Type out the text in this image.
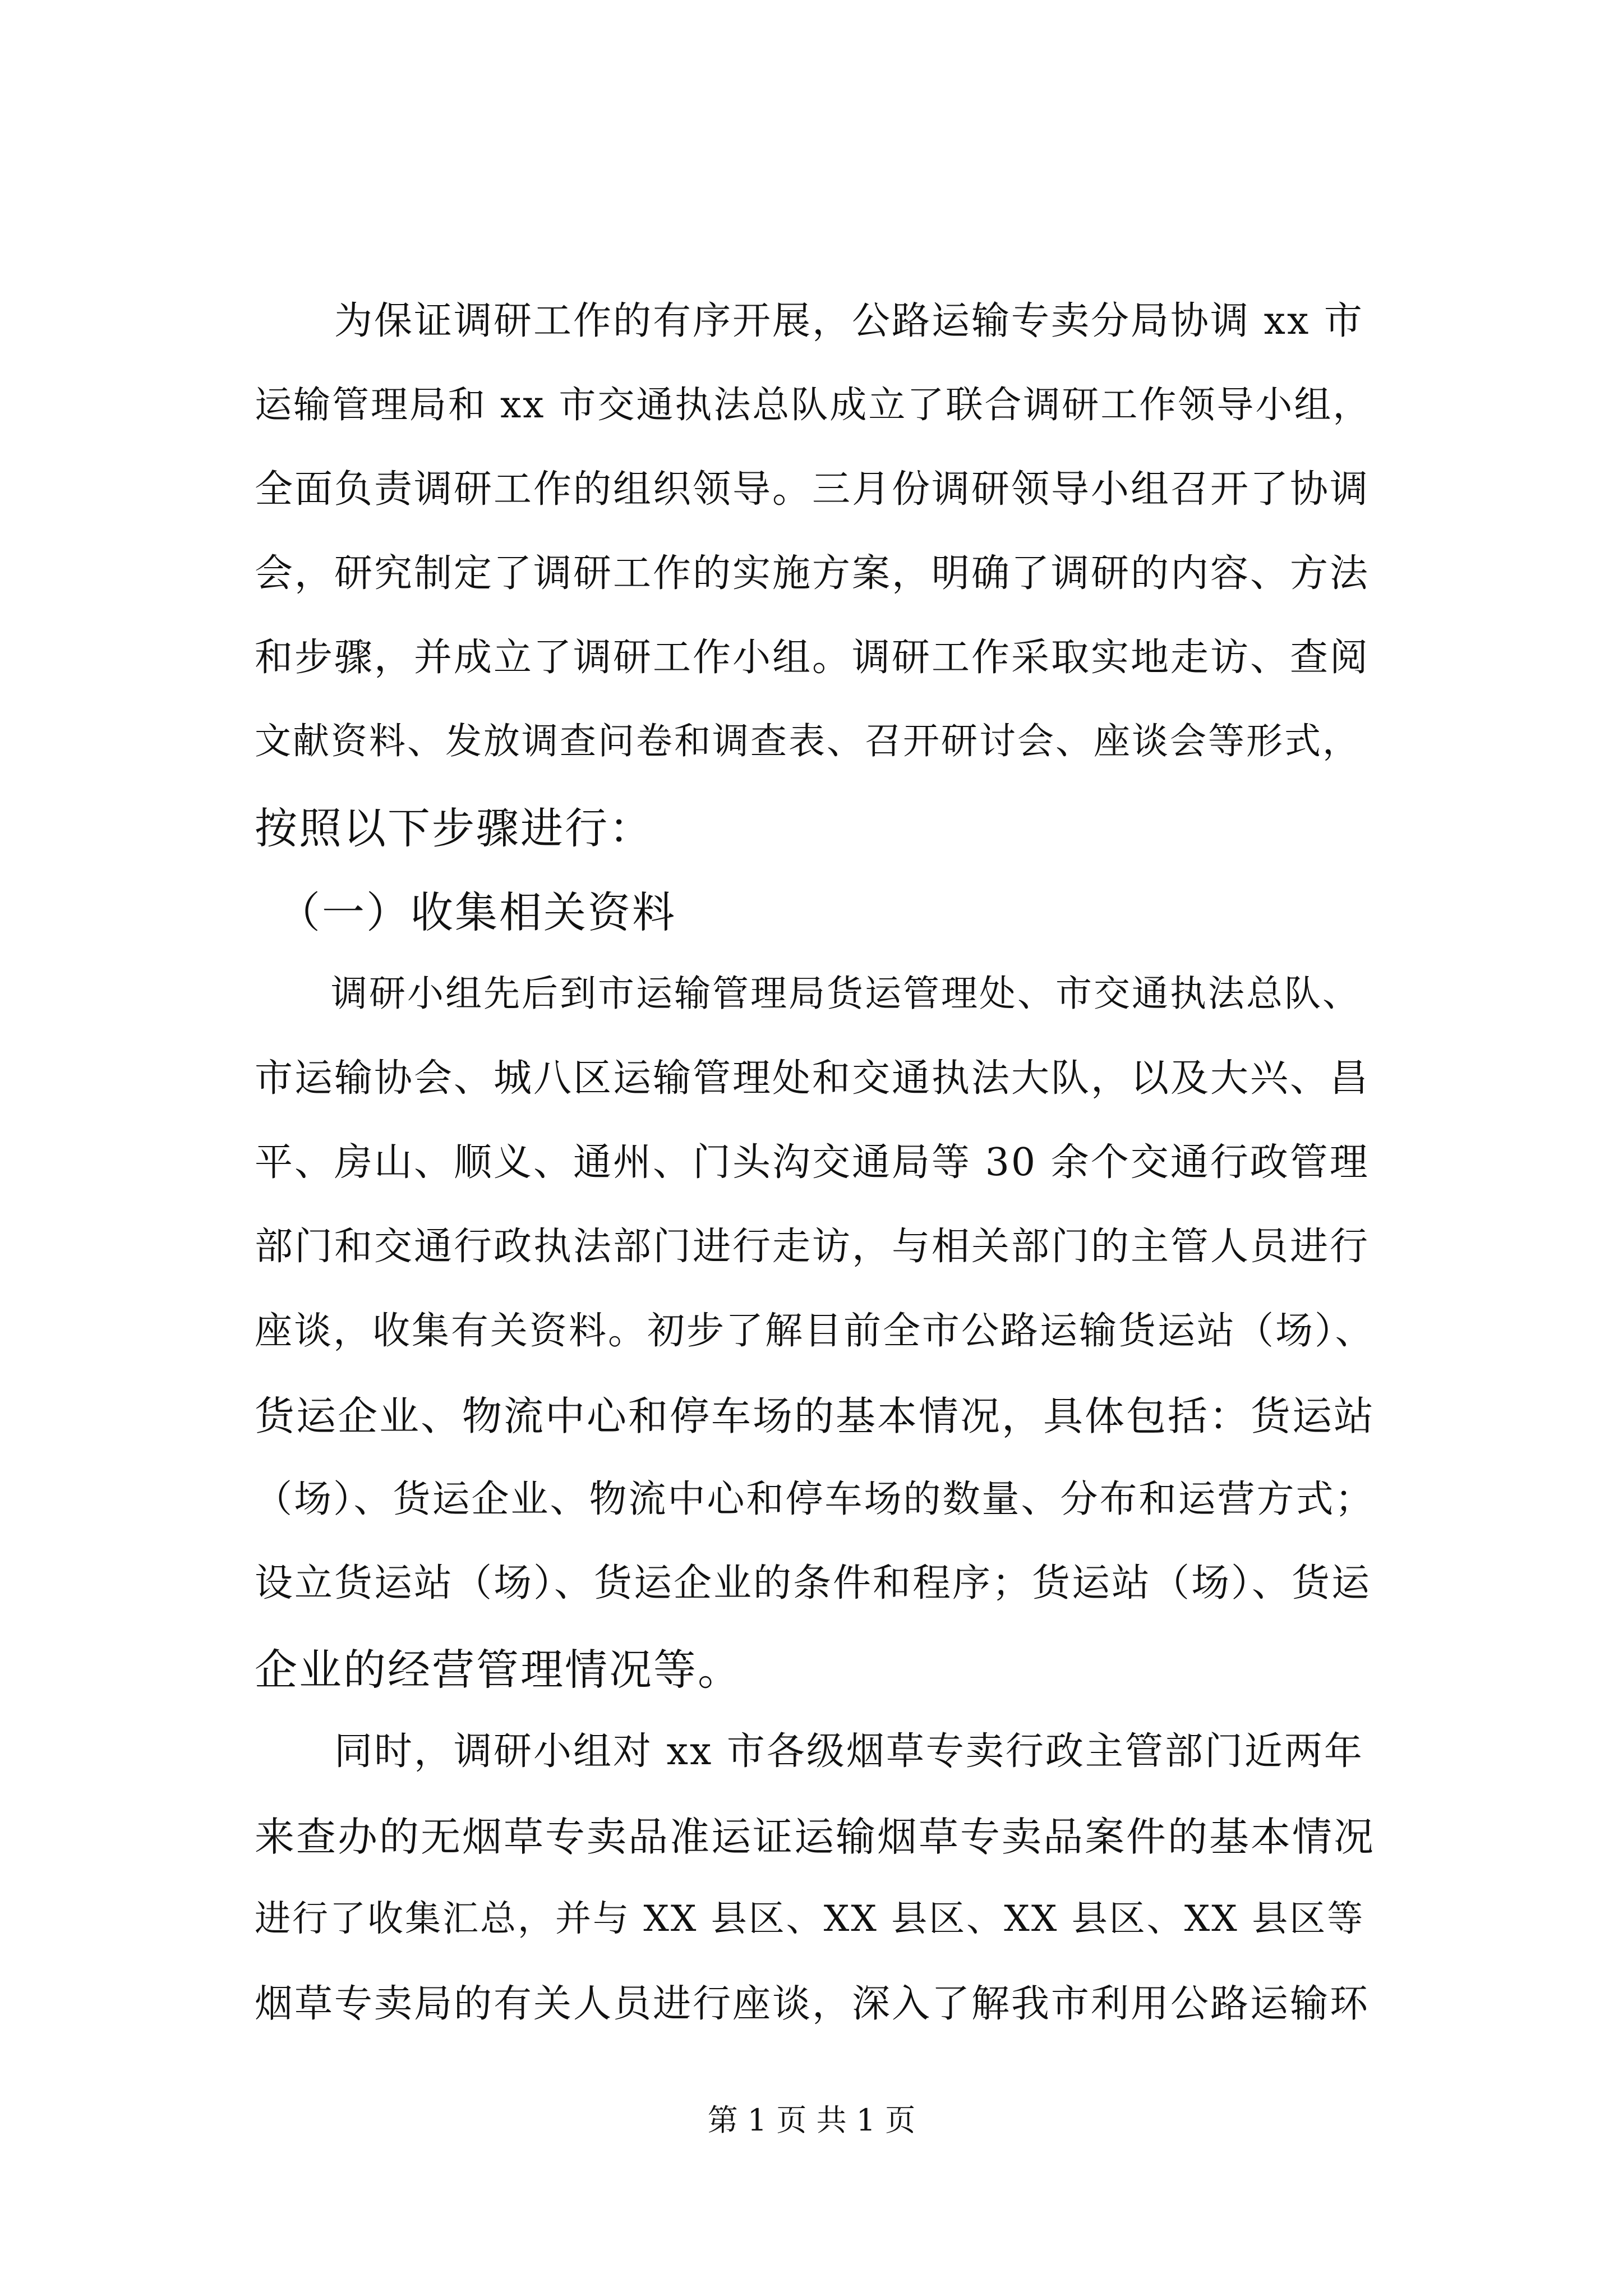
　　为保证调研工作的有序开展，公路运输专卖分局协调 xx 市
运输管理局和 xx 市交通执法总队成立了联合调研工作领导小组，
全面负责调研工作的组织领导。三月份调研领导小组召开了协调
会，研究制定了调研工作的实施方案，明确了调研的内容、方法
和步骤，并成立了调研工作小组。调研工作采取实地走访、查阅
文献资料、发放调查问卷和调查表、召开研讨会、座谈会等形式，
按照以下步骤进行：
　（一）收集相关资料
　　调研小组先后到市运输管理局货运管理处、市交通执法总队、
市运输协会、城八区运输管理处和交通执法大队，以及大兴、昌
平、房山、顺义、通州、门头沟交通局等 30 余个交通行政管理
部门和交通行政执法部门进行走访，与相关部门的主管人员进行
座谈，收集有关资料。初步了解目前全市公路运输货运站（场）、
货运企业、物流中心和停车场的基本情况，具体包括：货运站
（场）、货运企业、物流中心和停车场的数量、分布和运营方式；
设立货运站（场）、货运企业的条件和程序；货运站（场）、货运
企业的经营管理情况等。
　　同时，调研小组对 xx 市各级烟草专卖行政主管部门近两年
来查办的无烟草专卖品准运证运输烟草专卖品案件的基本情况
进行了收集汇总，并与 XX 县区、XX 县区、XX 县区、XX 县区等
烟草专卖局的有关人员进行座谈，深入了解我市利用公路运输环
第 1 页 共 1 页
